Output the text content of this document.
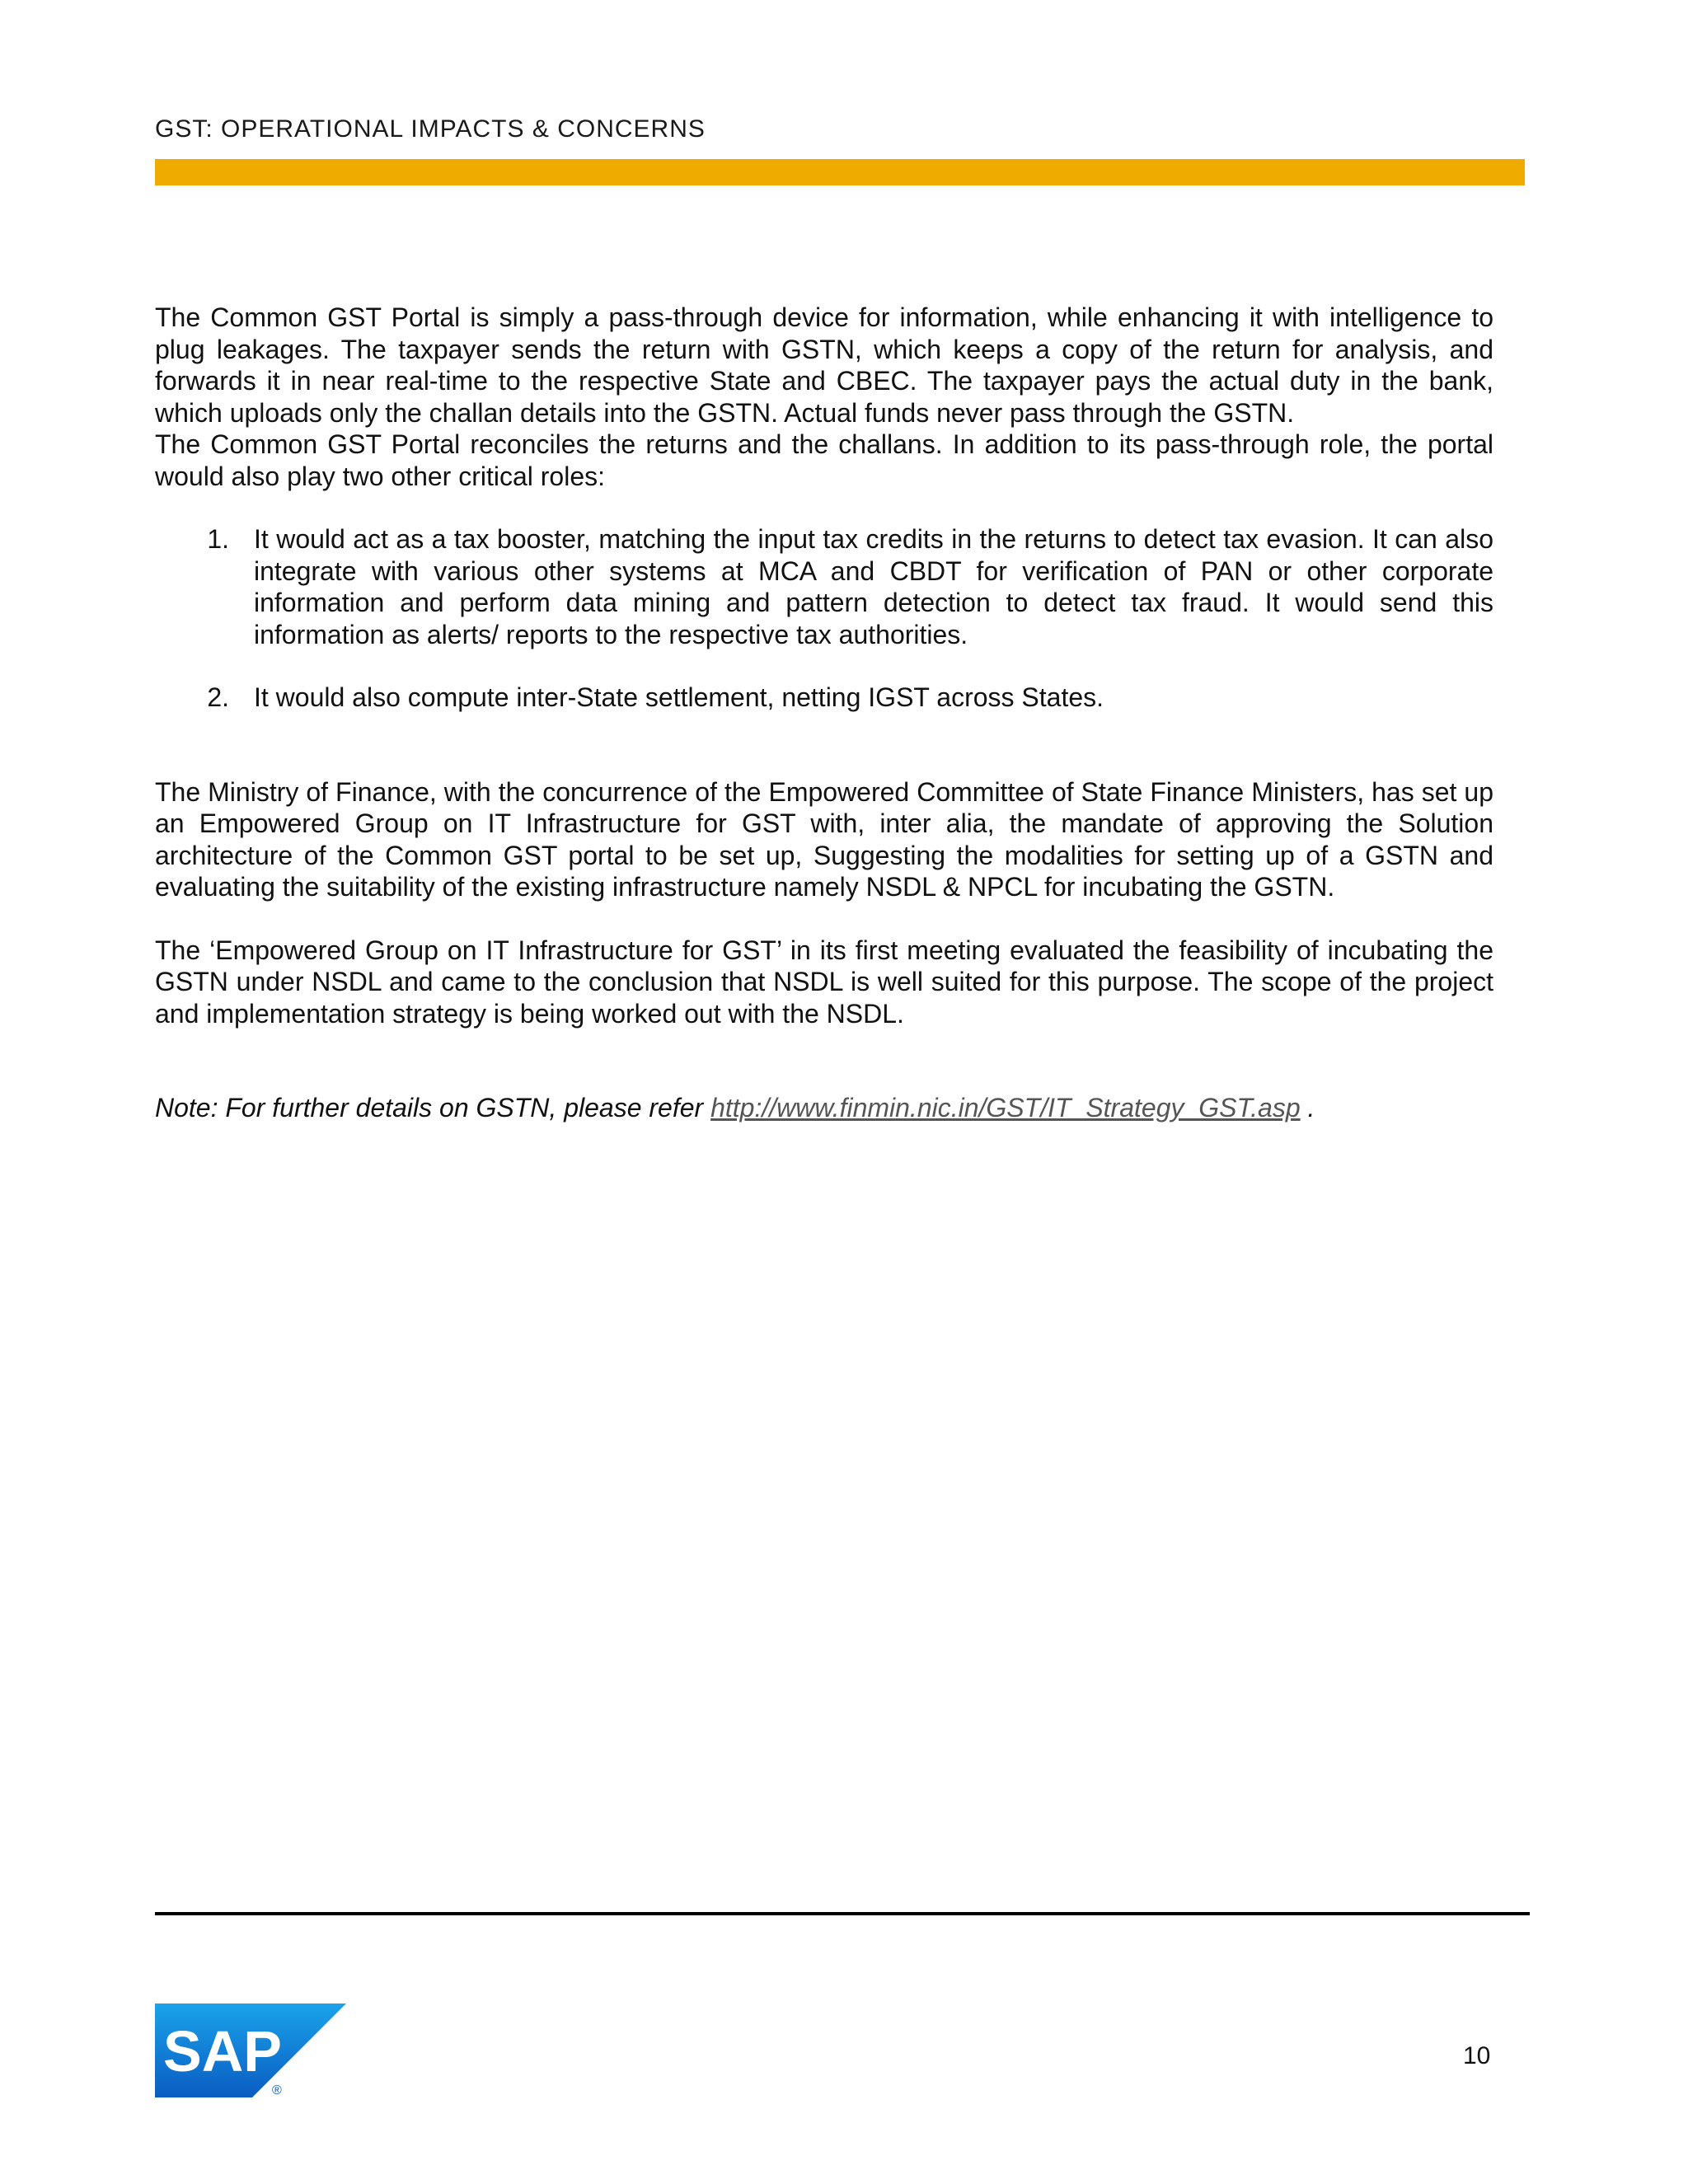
GST: OPERATIONAL IMPACTS & CONCERNS

The Common GST Portal is simply a pass-through device for information, while enhancing it with intelligence to plug leakages. The taxpayer sends the return with GSTN, which keeps a copy of the return for analysis, and forwards it in near real-time to the respective State and CBEC. The taxpayer pays the actual duty in the bank, which uploads only the challan details into the GSTN. Actual funds never pass through the GSTN.

The Common GST Portal reconciles the returns and the challans. In addition to its pass-through role, the portal would also play two other critical roles:

1. It would act as a tax booster, matching the input tax credits in the returns to detect tax evasion. It can also integrate with various other systems at MCA and CBDT for verification of PAN or other corporate information and perform data mining and pattern detection to detect tax fraud. It would send this information as alerts/ reports to the respective tax authorities.
2. It would also compute inter-State settlement, netting IGST across States.

The Ministry of Finance, with the concurrence of the Empowered Committee of State Finance Ministers, has set up an Empowered Group on IT Infrastructure for GST with, inter alia, the mandate of approving the Solution architecture of the Common GST portal to be set up, Suggesting the modalities for setting up of a GSTN and evaluating the suitability of the existing infrastructure namely NSDL & NPCL for incubating the GSTN.

The ‘Empowered Group on IT Infrastructure for GST’ in its first meeting evaluated the feasibility of incubating the GSTN under NSDL and came to the conclusion that NSDL is well suited for this purpose. The scope of the project and implementation strategy is being worked out with the NSDL.

Note: For further details on GSTN, please refer http://www.finmin.nic.in/GST/IT_Strategy_GST.asp .

SAP
®
10
